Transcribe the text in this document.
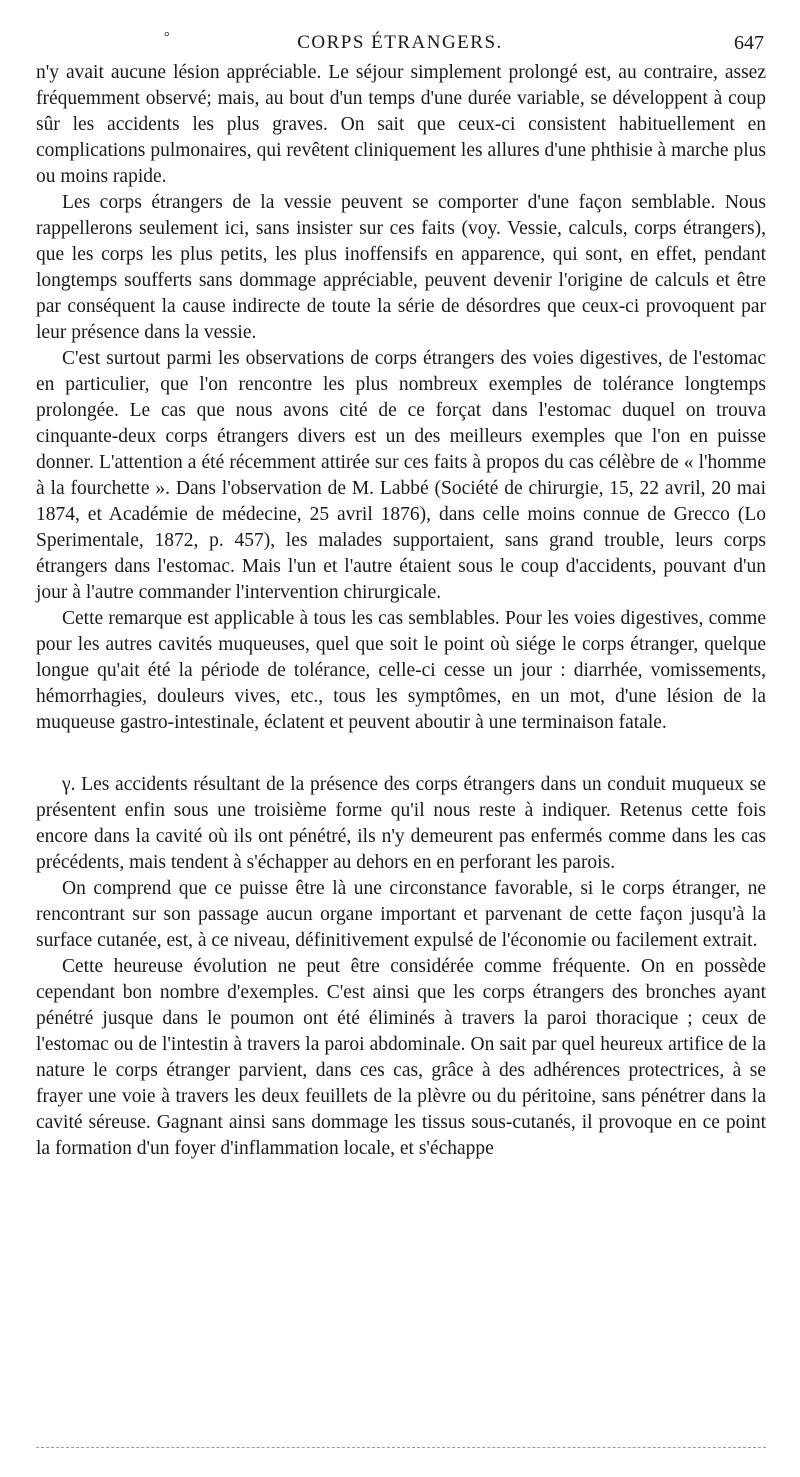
°	CORPS ÉTRANGERS.	647

n'y avait aucune lésion appréciable. Le séjour simplement prolongé est, au contraire, assez fréquemment observé; mais, au bout d'un temps d'une durée variable, se développent à coup sûr les accidents les plus graves. On sait que ceux-ci consistent habituellement en complications pulmonaires, qui revêtent cliniquement les allures d'une phthisie à marche plus ou moins rapide.

Les corps étrangers de la vessie peuvent se comporter d'une façon semblable. Nous rappellerons seulement ici, sans insister sur ces faits (voy. Vessie, calculs, corps étrangers), que les corps les plus petits, les plus inoffensifs en apparence, qui sont, en effet, pendant longtemps soufferts sans dommage appréciable, peuvent devenir l'origine de calculs et être par conséquent la cause indirecte de toute la série de désordres que ceux-ci provoquent par leur présence dans la vessie.

C'est surtout parmi les observations de corps étrangers des voies digestives, de l'estomac en particulier, que l'on rencontre les plus nombreux exemples de tolérance longtemps prolongée. Le cas que nous avons cité de ce forçat dans l'estomac duquel on trouva cinquante-deux corps étrangers divers est un des meilleurs exemples que l'on en puisse donner. L'attention a été récemment attirée sur ces faits à propos du cas célèbre de « l'homme à la fourchette ». Dans l'observation de M. Labbé (Société de chirurgie, 15, 22 avril, 20 mai 1874, et Académie de médecine, 25 avril 1876), dans celle moins connue de Grecco (Lo Sperimentale, 1872, p. 457), les malades supportaient, sans grand trouble, leurs corps étrangers dans l'estomac. Mais l'un et l'autre étaient sous le coup d'accidents, pouvant d'un jour à l'autre commander l'intervention chirurgicale.

Cette remarque est applicable à tous les cas semblables. Pour les voies digestives, comme pour les autres cavités muqueuses, quel que soit le point où siége le corps étranger, quelque longue qu'ait été la période de tolérance, celle-ci cesse un jour : diarrhée, vomissements, hémorrhagies, douleurs vives, etc., tous les symptômes, en un mot, d'une lésion de la muqueuse gastro-intestinale, éclatent et peuvent aboutir à une terminaison fatale.

γ. Les accidents résultant de la présence des corps étrangers dans un conduit muqueux se présentent enfin sous une troisième forme qu'il nous reste à indiquer. Retenus cette fois encore dans la cavité où ils ont pénétré, ils n'y demeurent pas enfermés comme dans les cas précédents, mais tendent à s'échapper au dehors en en perforant les parois.

On comprend que ce puisse être là une circonstance favorable, si le corps étranger, ne rencontrant sur son passage aucun organe important et parvenant de cette façon jusqu'à la surface cutanée, est, à ce niveau, définitivement expulsé de l'économie ou facilement extrait.

Cette heureuse évolution ne peut être considérée comme fréquente. On en possède cependant bon nombre d'exemples. C'est ainsi que les corps étrangers des bronches ayant pénétré jusque dans le poumon ont été éliminés à travers la paroi thoracique ; ceux de l'estomac ou de l'intestin à travers la paroi abdominale. On sait par quel heureux artifice de la nature le corps étranger parvient, dans ces cas, grâce à des adhérences protectrices, à se frayer une voie à travers les deux feuillets de la plèvre ou du péritoine, sans pénétrer dans la cavité séreuse. Gagnant ainsi sans dommage les tissus sous-cutanés, il provoque en ce point la formation d'un foyer d'inflammation locale, et s'échappe
